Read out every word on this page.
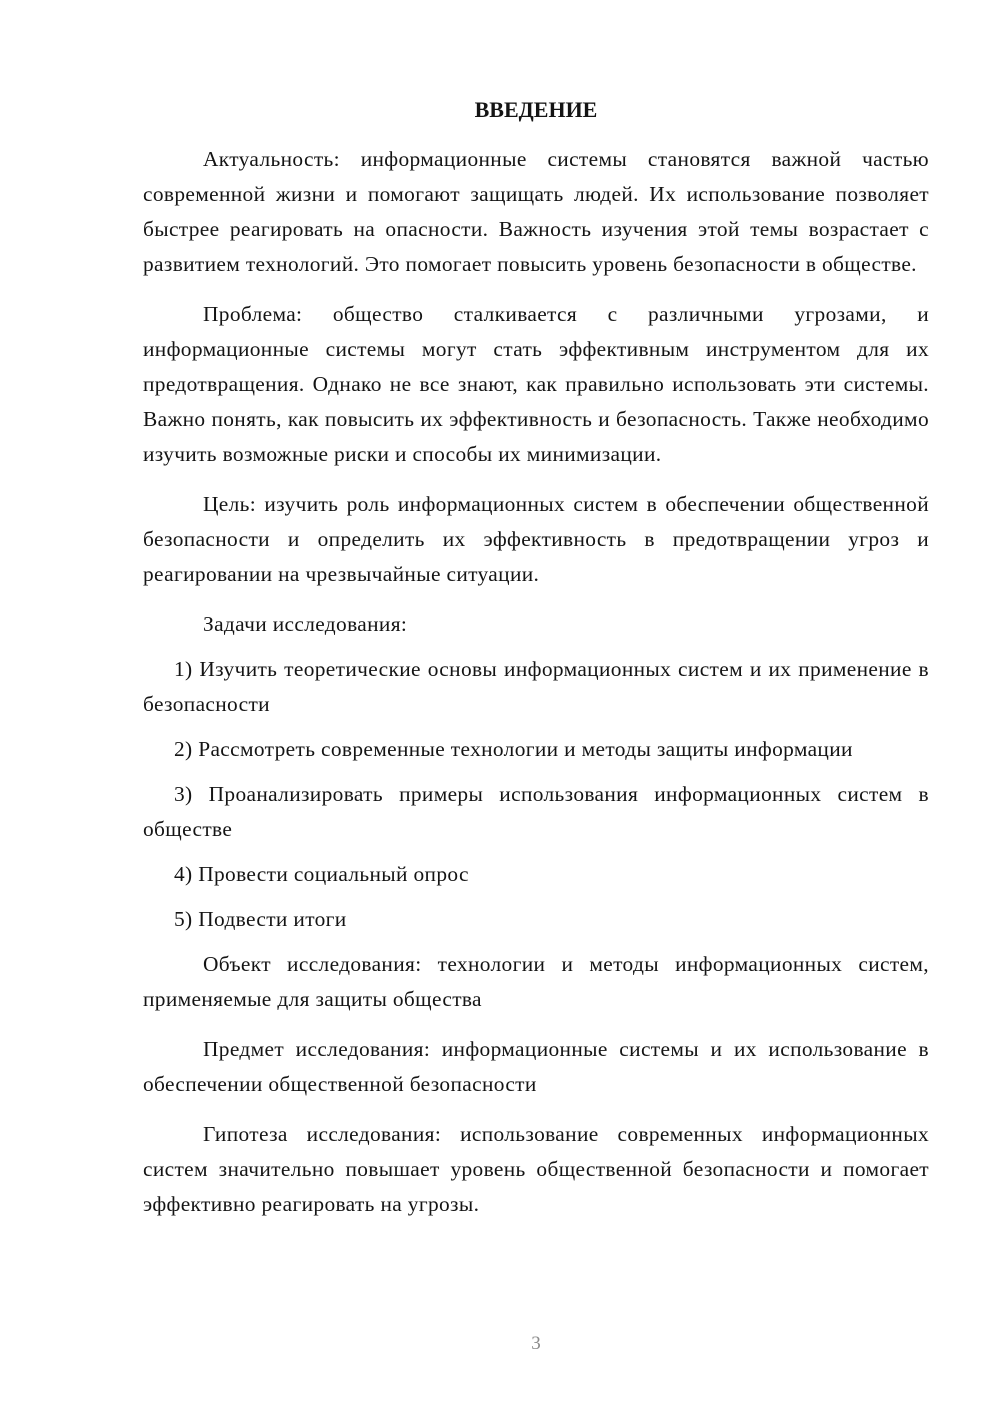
ВВЕДЕНИЕ

Актуальность: информационные системы становятся важной частью современной жизни и помогают защищать людей. Их использование позволяет быстрее реагировать на опасности. Важность изучения этой темы возрастает с развитием технологий. Это помогает повысить уровень безопасности в обществе.

Проблема: общество сталкивается с различными угрозами, и информационные системы могут стать эффективным инструментом для их предотвращения. Однако не все знают, как правильно использовать эти системы. Важно понять, как повысить их эффективность и безопасность. Также необходимо изучить возможные риски и способы их минимизации.

Цель: изучить роль информационных систем в обеспечении общественной безопасности и определить их эффективность в предотвращении угроз и реагировании на чрезвычайные ситуации.

Задачи исследования:

1) Изучить теоретические основы информационных систем и их применение в безопасности

2) Рассмотреть современные технологии и методы защиты информации

3) Проанализировать примеры использования информационных систем в обществе

4) Провести социальный опрос

5) Подвести итоги

Объект исследования: технологии и методы информационных систем, применяемые для защиты общества

Предмет исследования: информационные системы и их использование в обеспечении общественной безопасности

Гипотеза исследования: использование современных информационных систем значительно повышает уровень общественной безопасности и помогает эффективно реагировать на угрозы.

3
